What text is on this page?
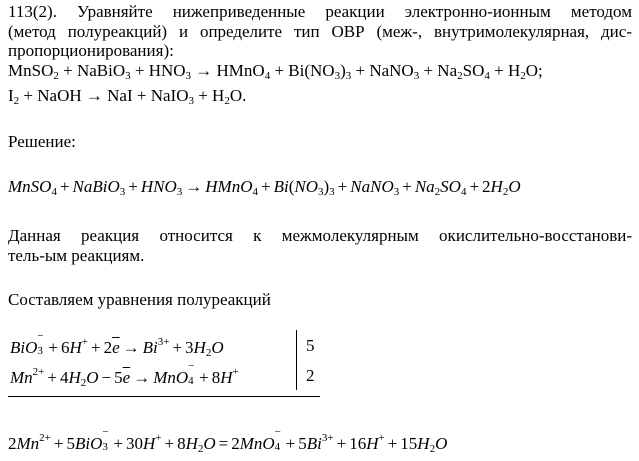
113(2). Уравняйте нижеприведенные реакции электронно-ионным методом
(метод полуреакций) и определите тип ОВР (меж-, внутримолекулярная, дис-
пропорционирования):
MnSO$_2$ + NaBiO$_3$ + $HNO_3$ → HMnO$_4$ + $Bi(NO_3)_3$ + NaNO$_3$ + $Na_2SO_4 + H_2O$;
$I_2$ + NaOH → NaI + NaIO$_3$ + $H_2O$.
Решение:
MnSO$_4$ + NaBiO$_3$ + $HNO_3$ → HMnO$_4$ + $Bi(NO_3)_3$ + NaNO$_3$ + $Na_2SO_4 + 2H_2O$
Данная реакция относится к межмолекулярным окислительно-восстанови-
тель-ым реакциям.
Составляем уравнения полуреакций
BiO
−
$3 + 6H^+ + 2\overline{e} \to Bi^{3+} + 3H_2O$	5
$Mn^{2+} + 4H_2O - 5\overline{e}$ → MnO
−
4 + 8H+	2
$2Mn^{2+} + 5BiO$
−
$3 + 30H^+ + 8H_2O = 2MnO$
−
$4 + 5Bi^{3+} + 16H^+ + 15H_2O$
